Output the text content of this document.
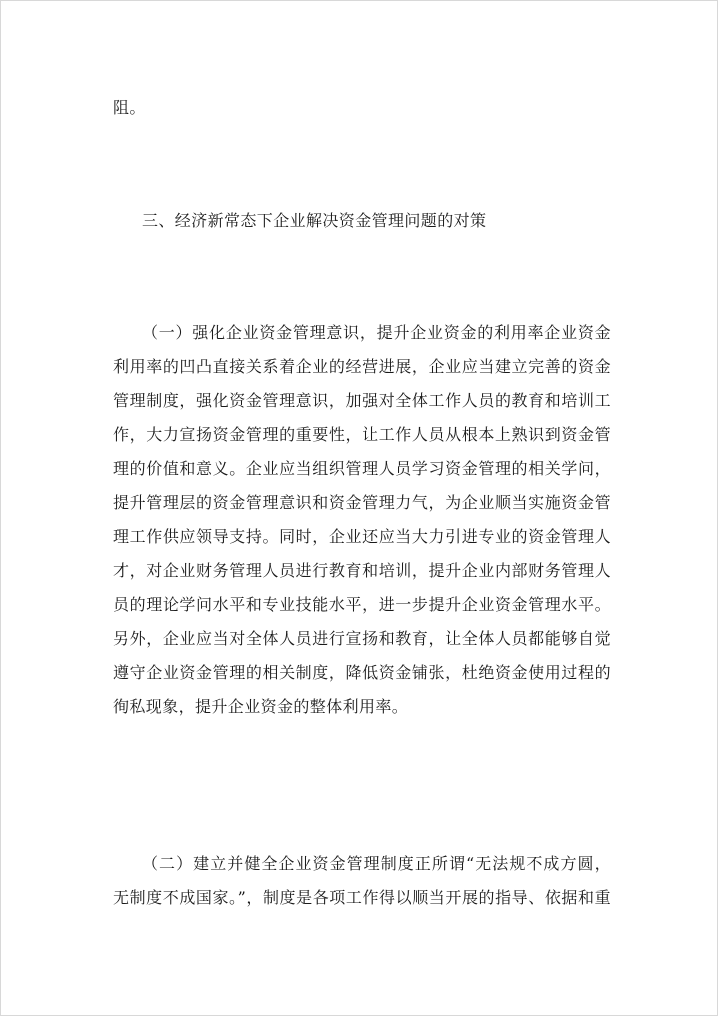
阻。
三、经济新常态下企业解决资金管理问题的对策
（一）强化企业资金管理意识，提升企业资金的利用率企业资金
利用率的凹凸直接关系着企业的经营进展，企业应当建立完善的资金
管理制度，强化资金管理意识，加强对全体工作人员的教育和培训工
作，大力宣扬资金管理的重要性，让工作人员从根本上熟识到资金管
理的价值和意义。企业应当组织管理人员学习资金管理的相关学问，
提升管理层的资金管理意识和资金管理力气，为企业顺当实施资金管
理工作供应领导支持。同时，企业还应当大力引进专业的资金管理人
才，对企业财务管理人员进行教育和培训，提升企业内部财务管理人
员的理论学问水平和专业技能水平，进一步提升企业资金管理水平。
另外，企业应当对全体人员进行宣扬和教育，让全体人员都能够自觉
遵守企业资金管理的相关制度，降低资金铺张，杜绝资金使用过程的
徇私现象，提升企业资金的整体利用率。
（二）建立并健全企业资金管理制度正所谓“无法规不成方圆，
无制度不成国家。”，制度是各项工作得以顺当开展的指导、依据和重
